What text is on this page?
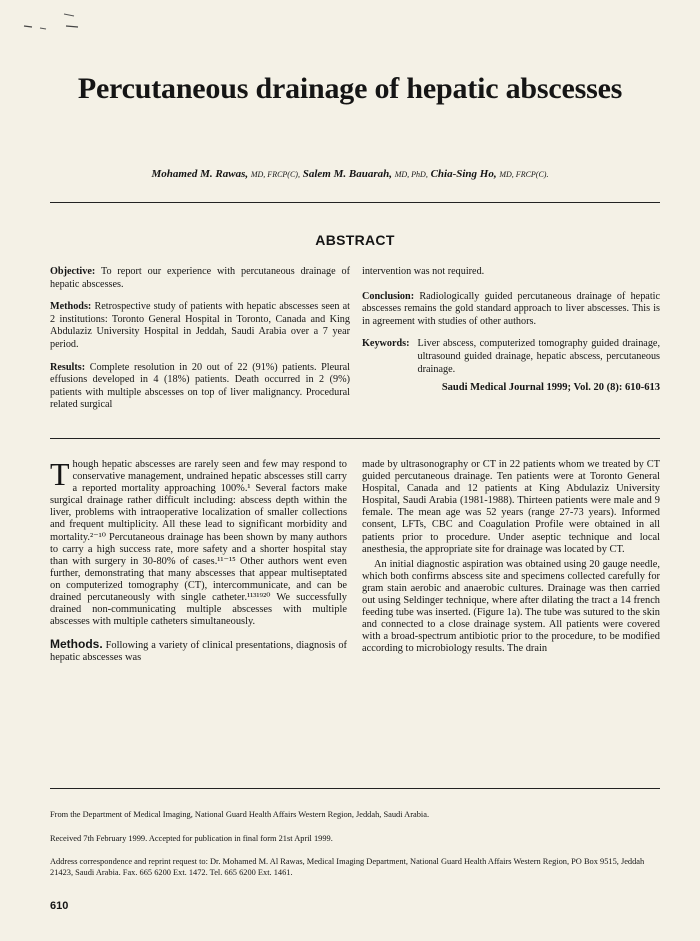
Percutaneous drainage of hepatic abscesses
Mohamed M. Rawas, MD, FRCP(C), Salem M. Bauarah, MD, PhD, Chia-Sing Ho, MD, FRCP(C).
ABSTRACT

Objective: To report our experience with percutaneous drainage of hepatic abscesses.

Methods: Retrospective study of patients with hepatic abscesses seen at 2 institutions: Toronto General Hospital in Toronto, Canada and King Abdulaziz University Hospital in Jeddah, Saudi Arabia over a 7 year period.

Results: Complete resolution in 20 out of 22 (91%) patients. Pleural effusions developed in 4 (18%) patients. Death occurred in 2 (9%) patients with multiple abscesses on top of liver malignancy. Procedural related surgical

intervention was not required.

Conclusion: Radiologically guided percutaneous drainage of hepatic abscesses remains the gold standard approach to liver abscesses. This is in agreement with studies of other authors.

Keywords: Liver abscess, computerized tomography guided drainage, ultrasound guided drainage, hepatic abscess, percutaneous drainage.
Saudi Medical Journal 1999; Vol. 20 (8): 610-613

Though hepatic abscesses are rarely seen and few may respond to conservative management, undrained hepatic abscesses still carry a reported mortality approaching 100%.¹ Several factors make surgical drainage rather difficult including: abscess depth within the liver, problems with intraoperative localization of smaller collections and frequent multiplicity. All these lead to significant morbidity and mortality.²⁻¹⁰ Percutaneous drainage has been shown by many authors to carry a high success rate, more safety and a shorter hospital stay than with surgery in 30-80% of cases.¹¹⁻¹⁵ Other authors went even further, demonstrating that many abscesses that appear multiseptated on computerized tomography (CT), intercommunicate, and can be drained percutaneously with single catheter.¹¹³¹⁹²⁰ We successfully drained non-communicating multiple abscesses with multiple abscesses with multiple catheters simultaneously.

Methods. Following a variety of clinical presentations, diagnosis of hepatic abscesses was

made by ultrasonography or CT in 22 patients whom we treated by CT guided percutaneous drainage. Ten patients were at Toronto General Hospital, Canada and 12 patients at King Abdulaziz University Hospital, Saudi Arabia (1981-1988). Thirteen patients were male and 9 female. The mean age was 52 years (range 27-73 years). Informed consent, LFTs, CBC and Coagulation Profile were obtained in all patients prior to procedure. Under aseptic technique and local anesthesia, the appropriate site for drainage was located by CT.

An initial diagnostic aspiration was obtained using 20 gauge needle, which both confirms abscess site and specimens collected carefully for gram stain aerobic and anaerobic cultures. Drainage was then carried out using Seldinger technique, where after dilating the tract a 14 french feeding tube was inserted. (Figure 1a). The tube was sutured to the skin and connected to a close drainage system. All patients were covered with a broad-spectrum antibiotic prior to the procedure, to be modified according to microbiology results. The drain

From the Department of Medical Imaging, National Guard Health Affairs Western Region, Jeddah, Saudi Arabia.
Received 7th February 1999. Accepted for publication in final form 21st April 1999.
Address correspondence and reprint request to: Dr. Mohamed M. Al Rawas, Medical Imaging Department, National Guard Health Affairs Western Region, PO Box 9515, Jeddah 21423, Saudi Arabia. Fax. 665 6200 Ext. 1472. Tel. 665 6200 Ext. 1461.
610
